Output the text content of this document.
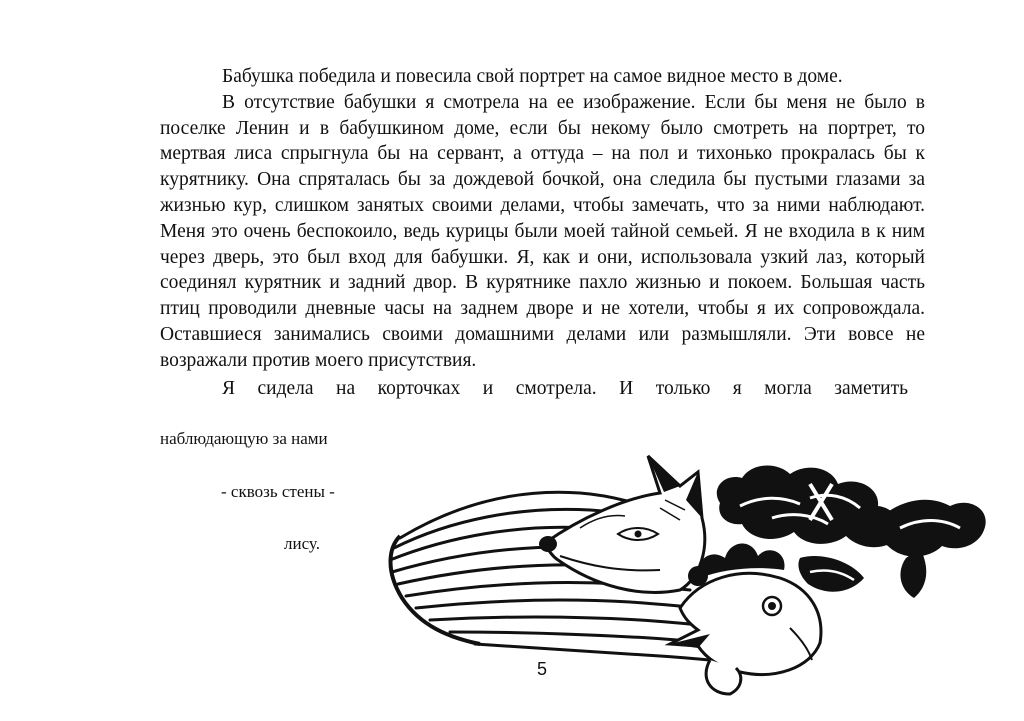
Бабушка победила и повесила свой портрет на самое видное место в доме.

В отсутствие бабушки я смотрела на ее изображение. Если бы меня не было в поселке Ленин и в бабушкином доме, если бы некому было смотреть на портрет, то мертвая лиса спрыгнула бы на сервант, а оттуда – на пол и тихонько прокралась бы к курятнику. Она спряталась бы за дождевой бочкой, она следила бы пустыми глазами за жизнью кур, слишком занятых своими делами, чтобы замечать, что за ними наблюдают. Меня это очень беспокоило, ведь курицы были моей тайной семьей. Я не входила в к ним через дверь, это был вход для бабушки. Я, как и они, использовала узкий лаз, который соединял курятник и задний двор. В курятнике пахло жизнью и покоем. Большая часть птиц проводили дневные часы на заднем дворе и не хотели, чтобы я их сопровождала. Оставшиеся занимались своими домашними делами или размышляли. Эти вовсе не возражали против моего присутствия.

Я сидела на корточках и смотрела. И только я могла заметить

наблюдающую за нами

- сквозь стены -

лису.

5
